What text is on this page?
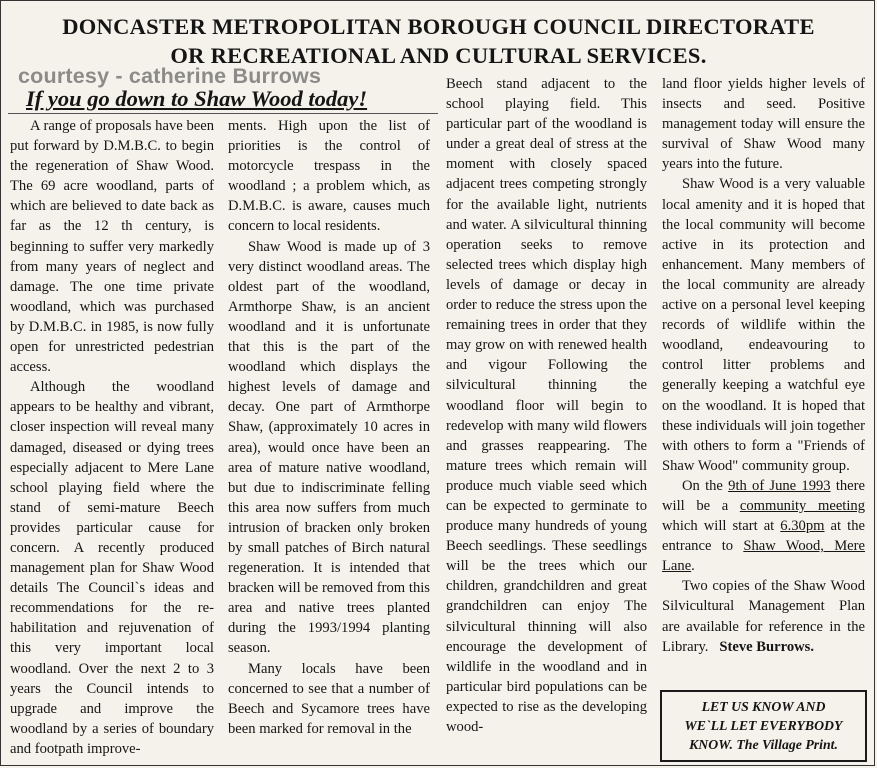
DONCASTER METROPOLITAN BOROUGH COUNCIL DIRECTORATE
OR RECREATIONAL AND CULTURAL SERVICES.
courtesy - catherine Burrows
If you go down to Shaw Wood today!

A range of proposals have been put forward by D.M.B.C. to begin the regeneration of Shaw Wood. The 69 acre woodland, parts of which are believed to date back as far as the 12 th century, is beginning to suffer very markedly from many years of neglect and damage. The one time private woodland, which was purchased by D.M.B.C. in 1985, is now fully open for unrestricted pedestrian access.

Although the woodland appears to be healthy and vibrant, closer inspection will reveal many damaged, diseased or dying trees especially adjacent to Mere Lane school playing field where the stand of semi-mature Beech provides particular cause for concern. A recently produced management plan for Shaw Wood details The Council`s ideas and recommendations for the re-habilitation and rejuvenation of this very important local woodland. Over the next 2 to 3 years the Council intends to upgrade and improve the woodland by a series of boundary and footpath improve-

ments. High upon the list of priorities is the control of motorcycle trespass in the woodland ; a problem which, as D.M.B.C. is aware, causes much concern to local residents.

Shaw Wood is made up of 3 very distinct woodland areas. The oldest part of the woodland, Armthorpe Shaw, is an ancient woodland and it is unfortunate that this is the part of the woodland which displays the highest levels of damage and decay. One part of Armthorpe Shaw, (approximately 10 acres in area), would once have been an area of mature native woodland, but due to indiscriminate felling this area now suffers from much intrusion of bracken only broken by small patches of Birch natural regeneration. It is intended that bracken will be removed from this area and native trees planted during the 1993/1994 planting season.

Many locals have been concerned to see that a number of Beech and Sycamore trees have been marked for removal in the

Beech stand adjacent to the school playing field. This particular part of the woodland is under a great deal of stress at the moment with closely spaced adjacent trees competing strongly for the available light, nutrients and water. A silvicultural thinning operation seeks to remove selected trees which display high levels of damage or decay in order to reduce the stress upon the remaining trees in order that they may grow on with renewed health and vigour Following the silvicultural thinning the woodland floor will begin to redevelop with many wild flowers and grasses reappearing. The mature trees which remain will produce much viable seed which can be expected to germinate to produce many hundreds of young Beech seedlings. These seedlings will be the trees which our children, grandchildren and great grandchildren can enjoy The silvicultural thinning will also encourage the development of wildlife in the woodland and in particular bird populations can be expected to rise as the developing wood-

land floor yields higher levels of insects and seed. Positive management today will ensure the survival of Shaw Wood many years into the future.

Shaw Wood is a very valuable local amenity and it is hoped that the local community will become active in its protection and enhancement. Many members of the local community are already active on a personal level keeping records of wildlife within the woodland, endeavouring to control litter problems and generally keeping a watchful eye on the woodland. It is hoped that these individuals will join together with others to form a "Friends of Shaw Wood" community group.

On the 9th of June 1993 there will be a community meeting which will start at 6.30pm at the entrance to Shaw Wood, Mere Lane.

Two copies of the Shaw Wood Silvicultural Management Plan are available for reference in the Library. Steve Burrows.

LET US KNOW AND
WE`LL LET EVERYBODY
KNOW. The Village Print.
